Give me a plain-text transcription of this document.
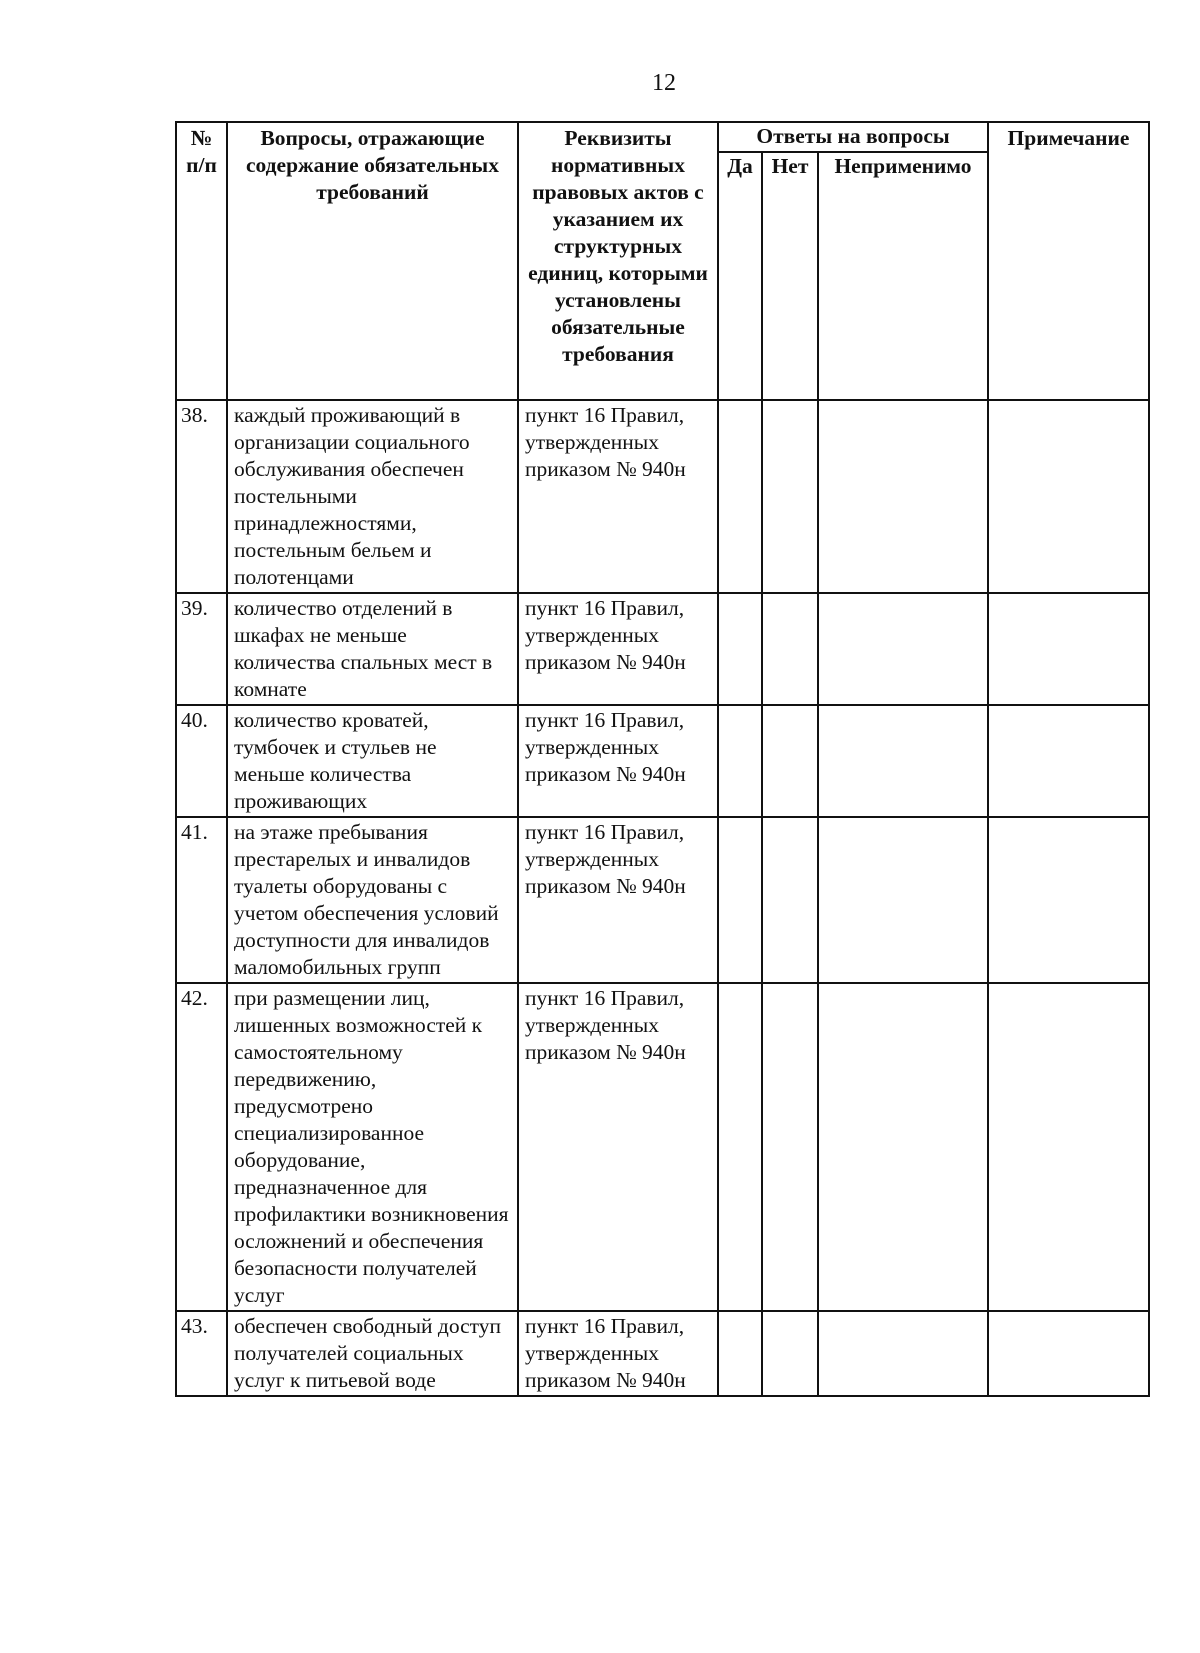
12
№ п/п	Вопросы, отражающие содержание обязательных требований	Реквизиты нормативных правовых актов с указанием их структурных единиц, которыми установлены обязательные требования	Ответы на вопросы			Примечание
			Да	Нет	Неприменимо	
38.	каждый проживающий в организации социального обслуживания обеспечен постельными принадлежностями, постельным бельем и полотенцами	пункт 16 Правил, утвержденных приказом № 940н				
39.	количество отделений в шкафах не меньше количества спальных мест в комнате	пункт 16 Правил, утвержденных приказом № 940н				
40.	количество кроватей, тумбочек и стульев не меньше количества проживающих	пункт 16 Правил, утвержденных приказом № 940н				
41.	на этаже пребывания престарелых и инвалидов туалеты оборудованы с учетом обеспечения условий доступности для инвалидов маломобильных групп	пункт 16 Правил, утвержденных приказом № 940н				
42.	при размещении лиц, лишенных возможностей к самостоятельному передвижению, предусмотрено специализированное оборудование, предназначенное для профилактики возникновения осложнений и обеспечения безопасности получателей услуг	пункт 16 Правил, утвержденных приказом № 940н				
43.	обеспечен свободный доступ получателей социальных услуг к питьевой воде	пункт 16 Правил, утвержденных приказом № 940н				
